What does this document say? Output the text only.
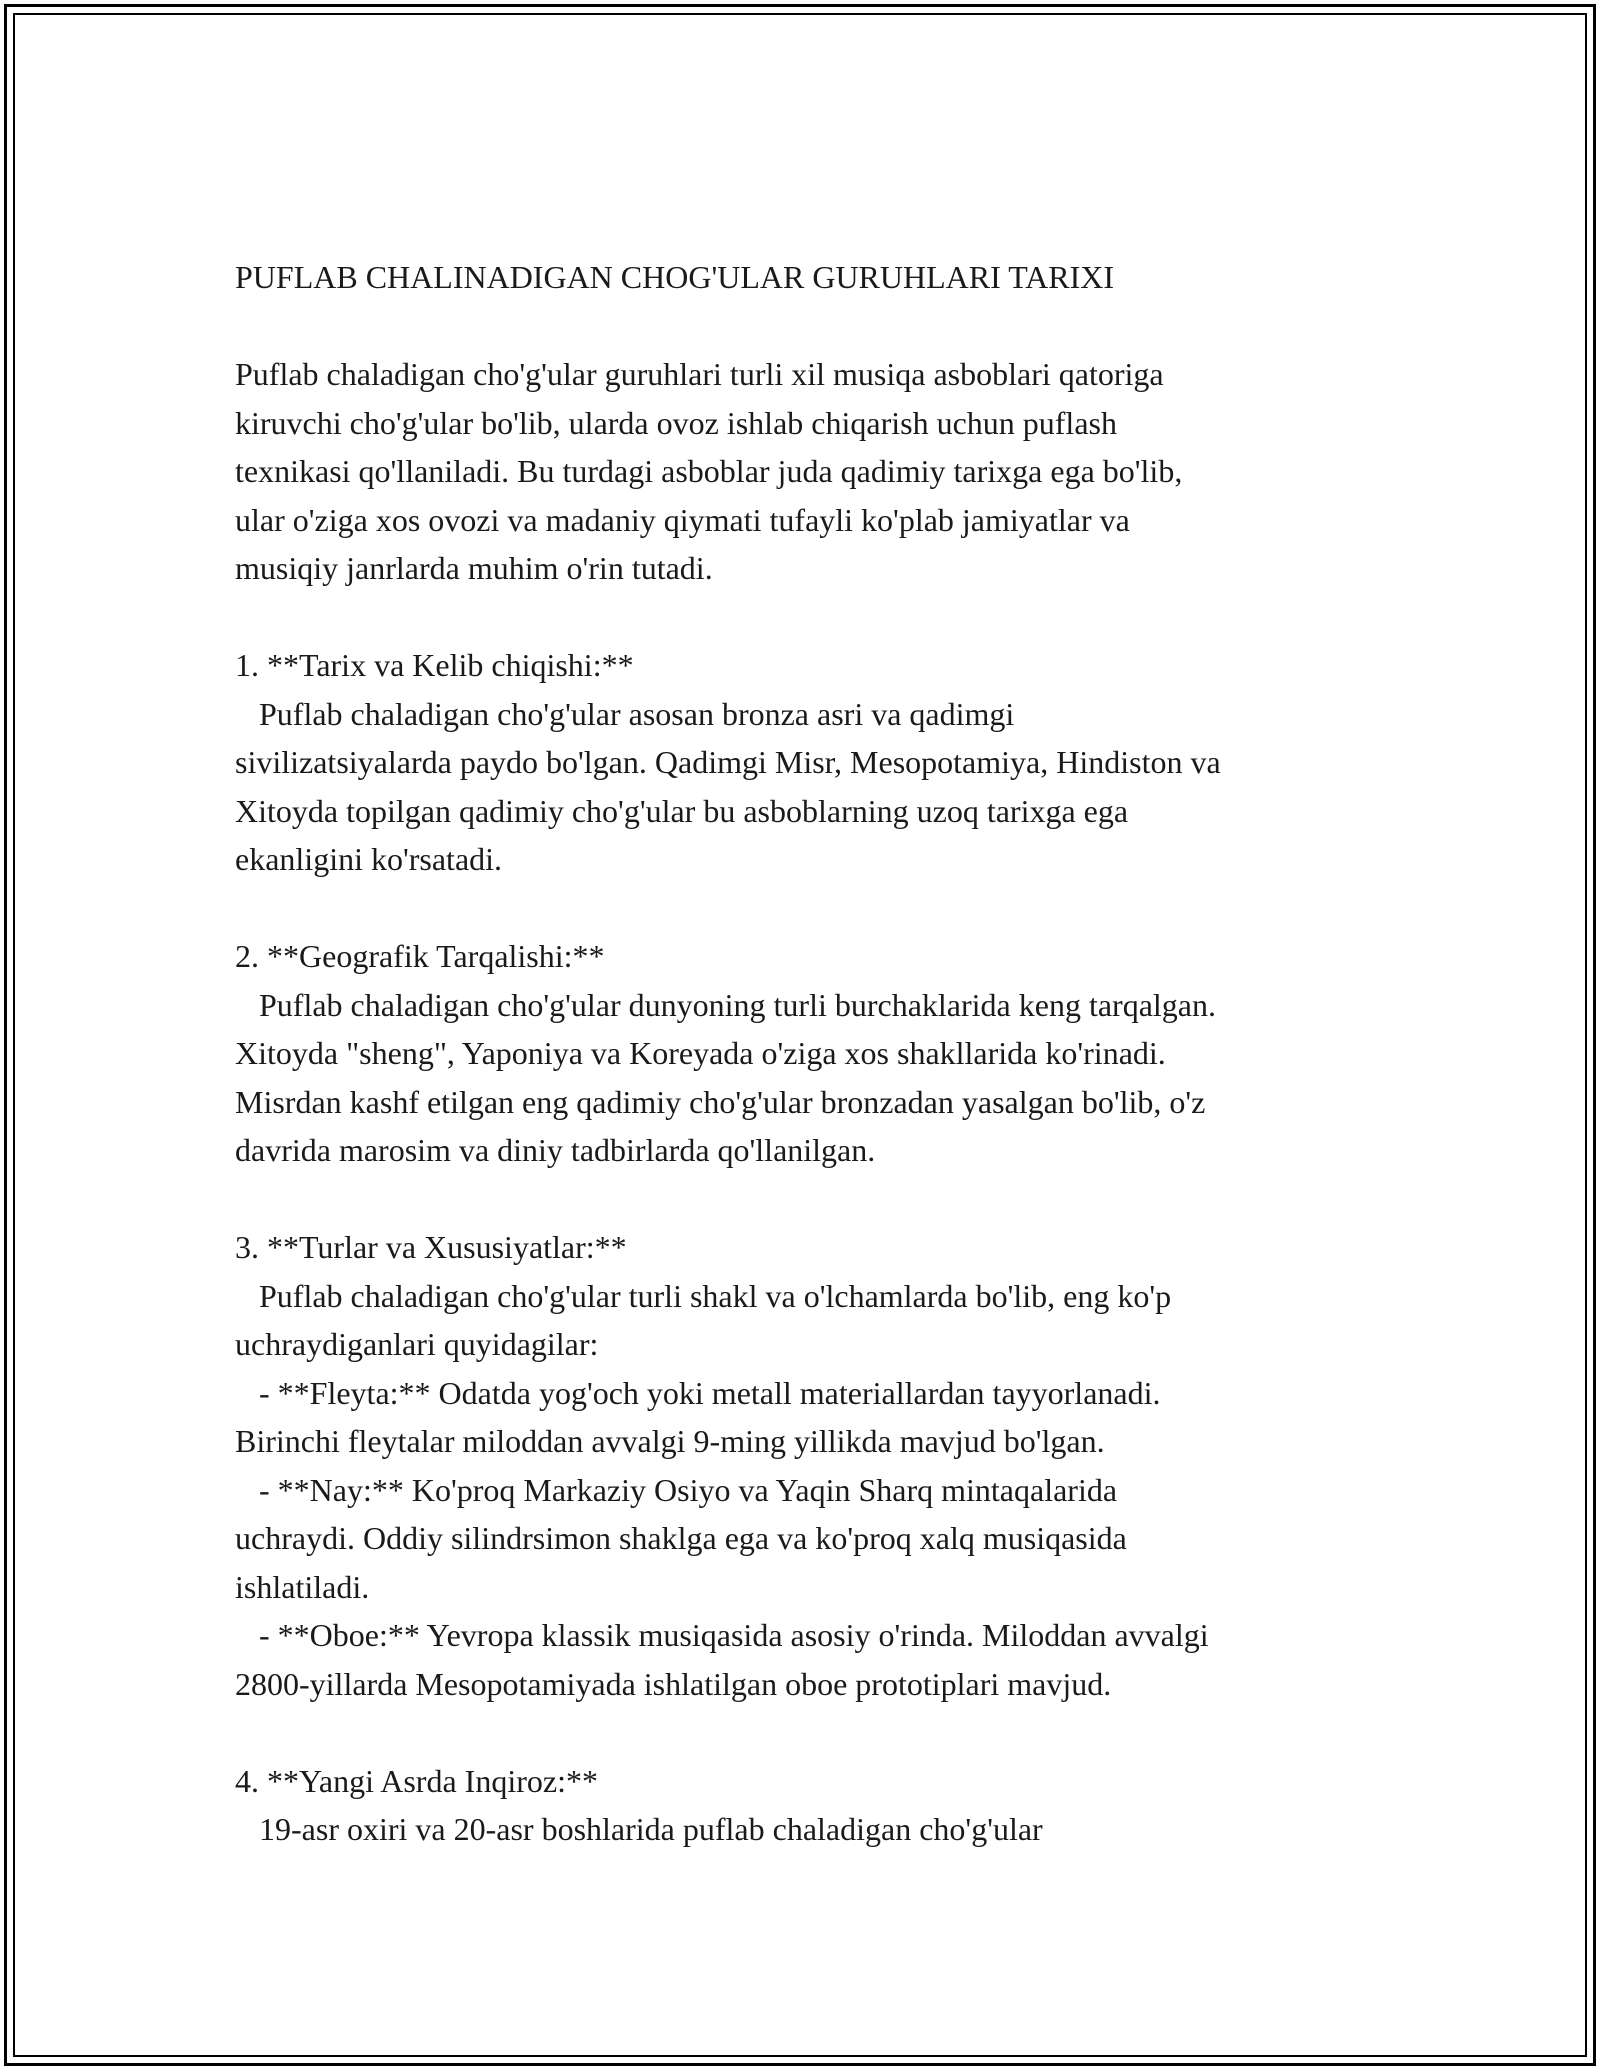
PUFLAB CHALINADIGAN CHOG'ULAR GURUHLARI TARIXI

Puflab chaladigan cho'g'ular guruhlari turli xil musiqa asboblari qatoriga

kiruvchi cho'g'ular bo'lib, ularda ovoz ishlab chiqarish uchun puflash

texnikasi qo'llaniladi. Bu turdagi asboblar juda qadimiy tarixga ega bo'lib,

ular o'ziga xos ovozi va madaniy qiymati tufayli ko'plab jamiyatlar va

musiqiy janrlarda muhim o'rin tutadi.

1. **Tarix va Kelib chiqishi:**

Puflab chaladigan cho'g'ular asosan bronza asri va qadimgi

sivilizatsiyalarda paydo bo'lgan. Qadimgi Misr, Mesopotamiya, Hindiston va

Xitoyda topilgan qadimiy cho'g'ular bu asboblarning uzoq tarixga ega

ekanligini ko'rsatadi.

2. **Geografik Tarqalishi:**

Puflab chaladigan cho'g'ular dunyoning turli burchaklarida keng tarqalgan.

Xitoyda "sheng", Yaponiya va Koreyada o'ziga xos shakllarida ko'rinadi.

Misrdan kashf etilgan eng qadimiy cho'g'ular bronzadan yasalgan bo'lib, o'z

davrida marosim va diniy tadbirlarda qo'llanilgan.

3. **Turlar va Xususiyatlar:**

Puflab chaladigan cho'g'ular turli shakl va o'lchamlarda bo'lib, eng ko'p

uchraydiganlari quyidagilar:

- **Fleyta:** Odatda yog'och yoki metall materiallardan tayyorlanadi.

Birinchi fleytalar miloddan avvalgi 9-ming yillikda mavjud bo'lgan.

- **Nay:** Ko'proq Markaziy Osiyo va Yaqin Sharq mintaqalarida

uchraydi. Oddiy silindrsimon shaklga ega va ko'proq xalq musiqasida

ishlatiladi.

- **Oboe:** Yevropa klassik musiqasida asosiy o'rinda. Miloddan avvalgi

2800-yillarda Mesopotamiyada ishlatilgan oboe prototiplari mavjud.

4. **Yangi Asrda Inqiroz:**

19-asr oxiri va 20-asr boshlarida puflab chaladigan cho'g'ular
